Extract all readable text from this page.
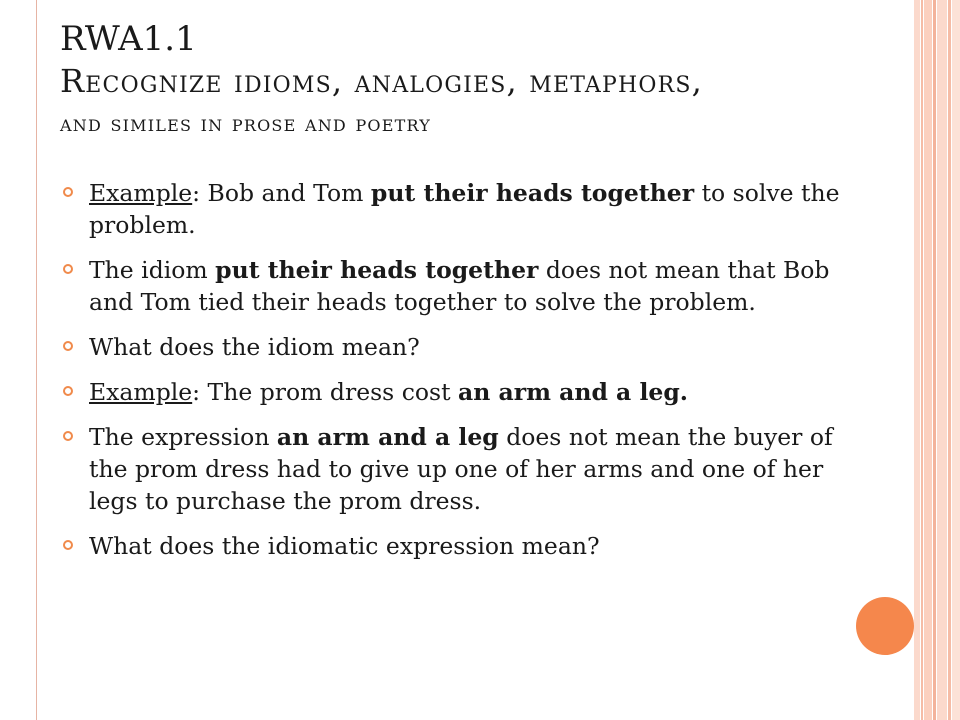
RWA1.1
Recognize idioms, analogies, metaphors,
and similes in prose and poetry
Example: Bob and Tom put their heads together to solve the problem.
The idiom put their heads together does not mean that Bob and Tom tied their heads together to solve the problem.
What does the idiom mean?
Example: The prom dress cost an arm and a leg.
The expression an arm and a leg does not mean the buyer of the prom dress had to give up one of her arms and one of her legs to purchase the prom dress.
What does the idiomatic expression mean?
